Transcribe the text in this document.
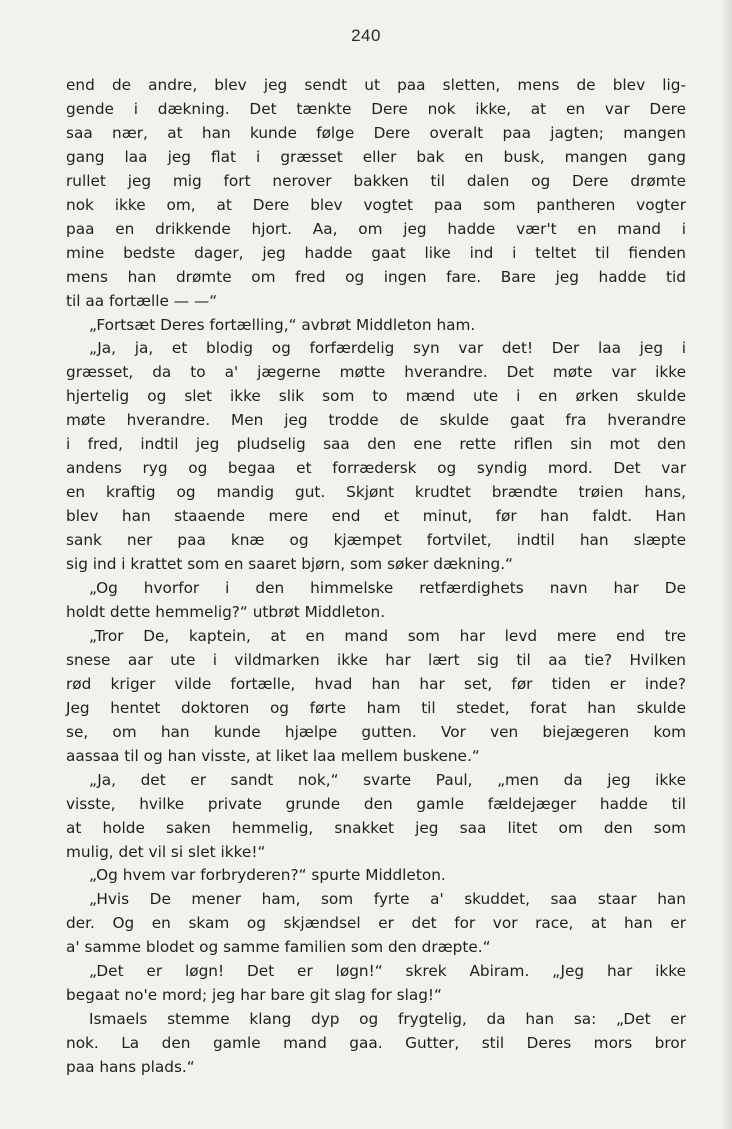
240
end de andre, blev jeg sendt ut paa sletten, mens de blev lig-
gende i dækning. Det tænkte Dere nok ikke, at en var Dere
saa nær, at han kunde følge Dere overalt paa jagten; mangen
gang laa jeg flat i græsset eller bak en busk, mangen gang
rullet jeg mig fort nerover bakken til dalen og Dere drømte
nok ikke om, at Dere blev vogtet paa som pantheren vogter
paa en drikkende hjort. Aa, om jeg hadde vær't en mand i
mine bedste dager, jeg hadde gaat like ind i teltet til fienden
mens han drømte om fred og ingen fare. Bare jeg hadde tid
til aa fortælle — —“
„Fortsæt Deres fortælling,“ avbrøt Middleton ham.
„Ja, ja, et blodig og forfærdelig syn var det! Der laa jeg i
græsset, da to a' jægerne møtte hverandre. Det møte var ikke
hjertelig og slet ikke slik som to mænd ute i en ørken skulde
møte hverandre. Men jeg trodde de skulde gaat fra hverandre
i fred, indtil jeg pludselig saa den ene rette riflen sin mot den
andens ryg og begaa et forrædersk og syndig mord. Det var
en kraftig og mandig gut. Skjønt krudtet brændte trøien hans,
blev han staaende mere end et minut, før han faldt. Han
sank ner paa knæ og kjæmpet fortvilet, indtil han slæpte
sig ind i krattet som en saaret bjørn, som søker dækning.“
„Og hvorfor i den himmelske retfærdighets navn har De
holdt dette hemmelig?“ utbrøt Middleton.
„Tror De, kaptein, at en mand som har levd mere end tre
snese aar ute i vildmarken ikke har lært sig til aa tie? Hvilken
rød kriger vilde fortælle, hvad han har set, før tiden er inde?
Jeg hentet doktoren og førte ham til stedet, forat han skulde
se, om han kunde hjælpe gutten. Vor ven biejægeren kom
aassaa til og han visste, at liket laa mellem buskene.“
„Ja, det er sandt nok,“ svarte Paul, „men da jeg ikke
visste, hvilke private grunde den gamle fældejæger hadde til
at holde saken hemmelig, snakket jeg saa litet om den som
mulig, det vil si slet ikke!“
„Og hvem var forbryderen?“ spurte Middleton.
„Hvis De mener ham, som fyrte a' skuddet, saa staar han
der. Og en skam og skjændsel er det for vor race, at han er
a' samme blodet og samme familien som den dræpte.“
„Det er løgn! Det er løgn!“ skrek Abiram. „Jeg har ikke
begaat no'e mord; jeg har bare git slag for slag!“
Ismaels stemme klang dyp og frygtelig, da han sa: „Det er
nok. La den gamle mand gaa. Gutter, stil Deres mors bror
paa hans plads.“
